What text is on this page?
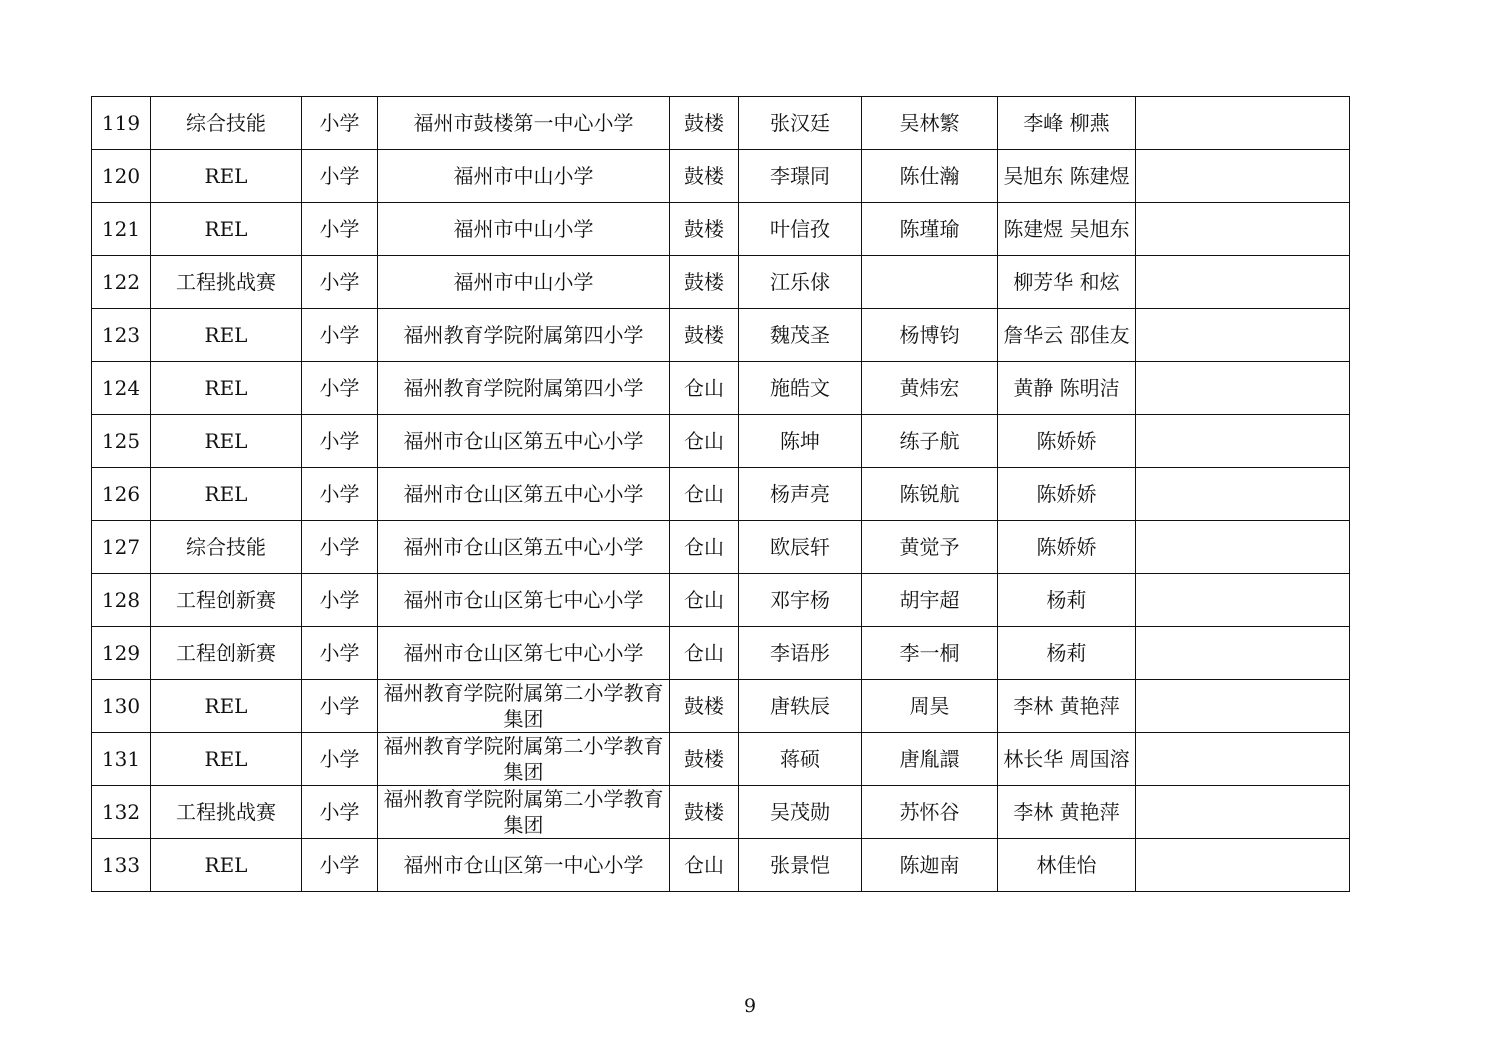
119	综合技能	小学	福州市鼓楼第一中心小学	鼓楼	张汉廷	吴林繁	李峰 柳燕	
120	REL	小学	福州市中山小学	鼓楼	李璟同	陈仕瀚	吴旭东 陈建煜	
121	REL	小学	福州市中山小学	鼓楼	叶信孜	陈瑾瑜	陈建煜 吴旭东	
122	工程挑战赛	小学	福州市中山小学	鼓楼	江乐俅		柳芳华 和炫	
123	REL	小学	福州教育学院附属第四小学	鼓楼	魏茂圣	杨博钧	詹华云 邵佳友	
124	REL	小学	福州教育学院附属第四小学	仓山	施皓文	黄炜宏	黄静 陈明洁	
125	REL	小学	福州市仓山区第五中心小学	仓山	陈坤	练子航	陈娇娇	
126	REL	小学	福州市仓山区第五中心小学	仓山	杨声亮	陈锐航	陈娇娇	
127	综合技能	小学	福州市仓山区第五中心小学	仓山	欧辰轩	黄觉予	陈娇娇	
128	工程创新赛	小学	福州市仓山区第七中心小学	仓山	邓宇杨	胡宇超	杨莉	
129	工程创新赛	小学	福州市仓山区第七中心小学	仓山	李语彤	李一桐	杨莉	
130	REL	小学	福州教育学院附属第二小学教育集团	鼓楼	唐轶辰	周昊	李林 黄艳萍	
131	REL	小学	福州教育学院附属第二小学教育集团	鼓楼	蒋硕	唐胤譞	林长华 周国溶	
132	工程挑战赛	小学	福州教育学院附属第二小学教育集团	鼓楼	吴茂勋	苏怀谷	李林 黄艳萍	
133	REL	小学	福州市仓山区第一中心小学	仓山	张景恺	陈迦南	林佳怡	
9
